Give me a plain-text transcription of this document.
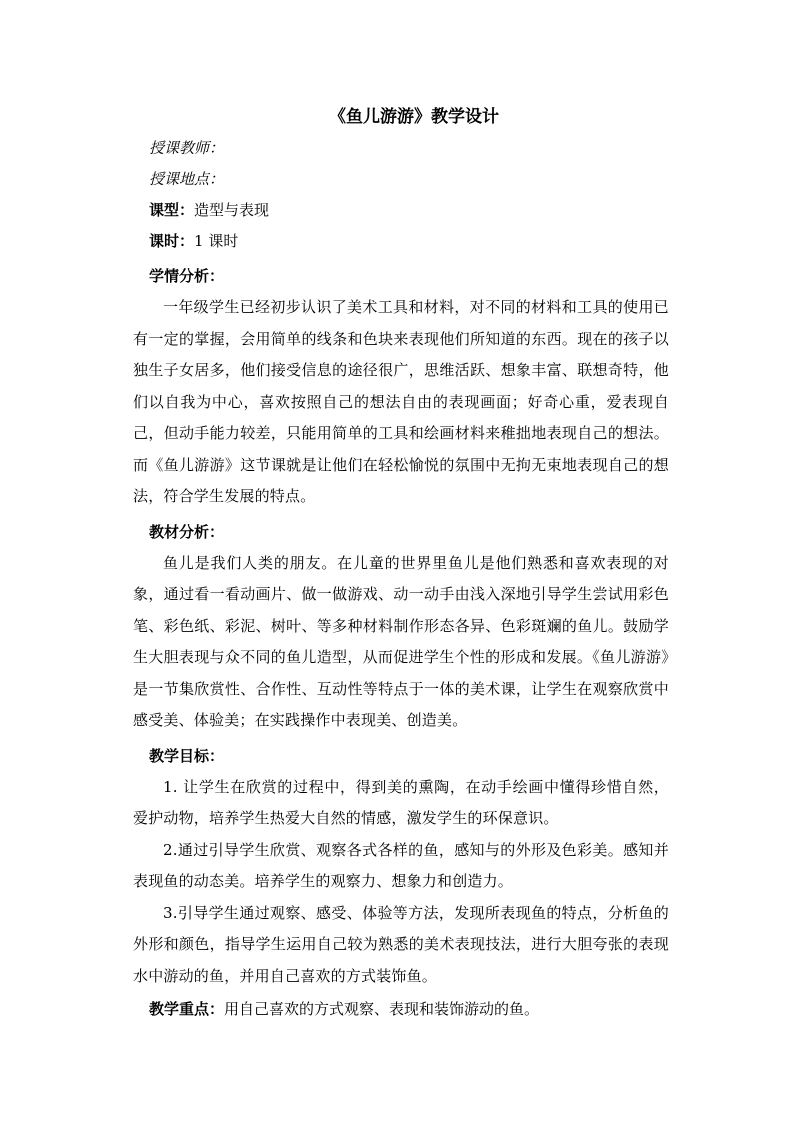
《鱼儿游游》教学设计
授课教师：
授课地点：
课型：造型与表现
课时：1 课时
学情分析：

一年级学生已经初步认识了美术工具和材料，对不同的材料和工具的使用已有一定的掌握，会用简单的线条和色块来表现他们所知道的东西。现在的孩子以独生子女居多，他们接受信息的途径很广，思维活跃、想象丰富、联想奇特，他们以自我为中心，喜欢按照自己的想法自由的表现画面；好奇心重，爱表现自己，但动手能力较差，只能用简单的工具和绘画材料来稚拙地表现自己的想法。而《鱼儿游游》这节课就是让他们在轻松愉悦的氛围中无拘无束地表现自己的想法，符合学生发展的特点。

教材分析：

鱼儿是我们人类的朋友。在儿童的世界里鱼儿是他们熟悉和喜欢表现的对象，通过看一看动画片、做一做游戏、动一动手由浅入深地引导学生尝试用彩色笔、彩色纸、彩泥、树叶、等多种材料制作形态各异、色彩斑斓的鱼儿。鼓励学生大胆表现与众不同的鱼儿造型，从而促进学生个性的形成和发展。《鱼儿游游》是一节集欣赏性、合作性、互动性等特点于一体的美术课，让学生在观察欣赏中感受美、体验美；在实践操作中表现美、创造美。

教学目标：

1. 让学生在欣赏的过程中，得到美的熏陶，在动手绘画中懂得珍惜自然，爱护动物，培养学生热爱大自然的情感，激发学生的环保意识。

2.通过引导学生欣赏、观察各式各样的鱼，感知与的外形及色彩美。感知并表现鱼的动态美。培养学生的观察力、想象力和创造力。

3.引导学生通过观察、感受、体验等方法，发现所表现鱼的特点，分析鱼的外形和颜色，指导学生运用自己较为熟悉的美术表现技法，进行大胆夸张的表现水中游动的鱼，并用自己喜欢的方式装饰鱼。

教学重点：用自己喜欢的方式观察、表现和装饰游动的鱼。
